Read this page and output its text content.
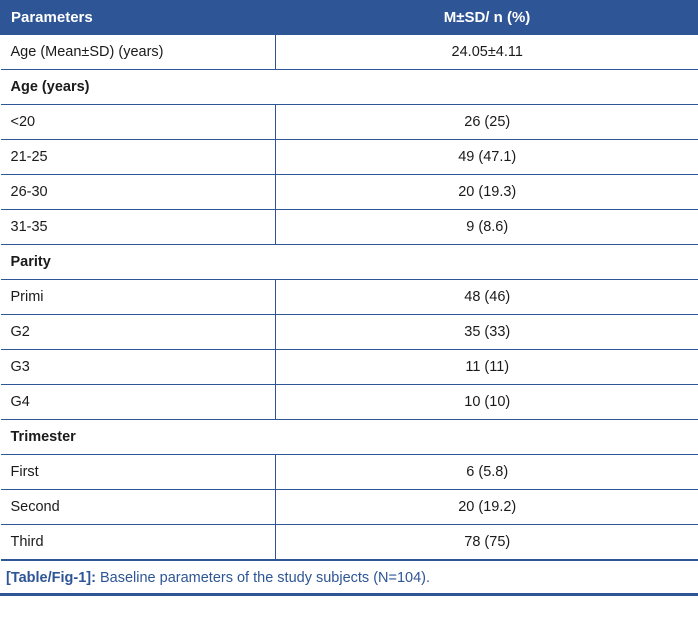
Parameters	M±SD/ n (%)
Age (Mean±SD) (years)	24.05±4.11
Age (years)	
<20	26 (25)
21-25	49 (47.1)
26-30	20 (19.3)
31-35	9 (8.6)
Parity	
Primi	48 (46)
G2	35 (33)
G3	11 (11)
G4	10 (10)
Trimester	
First	6 (5.8)
Second	20 (19.2)
Third	78 (75)
[Table/Fig-1]: Baseline parameters of the study subjects (N=104).
